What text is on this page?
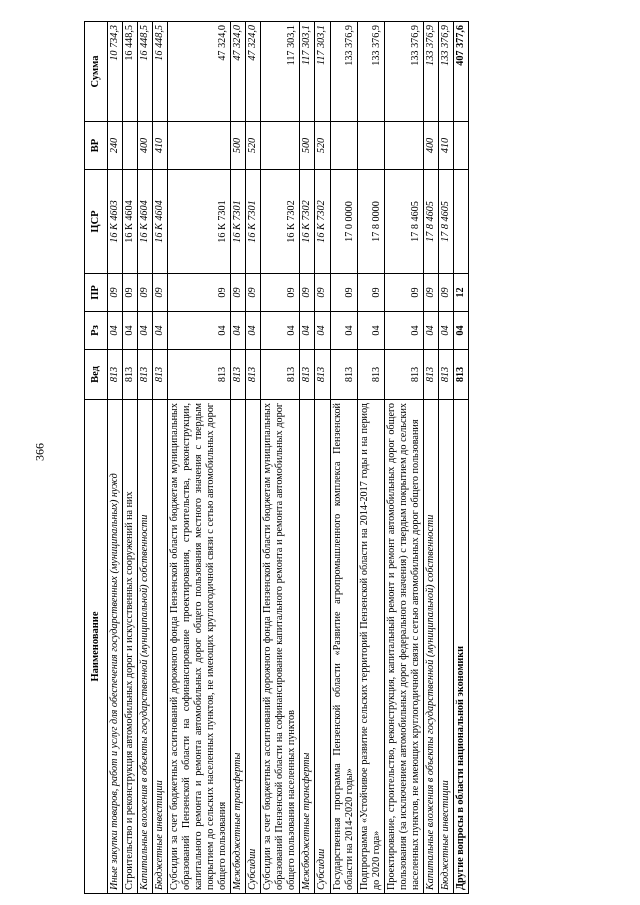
366
Наименование	Вед	Рз	ПР	ЦСР	ВР	Сумма
Иные закупки товаров, работ и услуг для обеспечения государственных (муниципальных) нужд	813	04	09	16 К 4603	240	10 734,3
Строительство и реконструкция автомобильных дорог и искусственных сооружений на них	813	04	09	16 К 4604		16 448,5
Капитальные вложения в объекты государственной (муниципальной) собственности	813	04	09	16 К 4604	400	16 448,5
Бюджетные инвестиции	813	04	09	16 К 4604	410	16 448,5
Субсидии за счет бюджетных ассигнований дорожного фонда Пензенской области бюджетам муниципальных образований Пензенской области на софинансирование проектирования, строительства, реконструкции, капитального ремонта и ремонта автомобильных дорог общего пользования местного значения с твердым покрытием до сельских населенных пунктов, не имеющих круглогодичной связи с сетью автомобильных дорог общего пользования	813	04	09	16 К 7301		47 324,0
Межбюджетные трансферты	813	04	09	16 К 7301	500	47 324,0
Субсидии	813	04	09	16 К 7301	520	47 324,0
Субсидии за счет бюджетных ассигнований дорожного фонда Пензенской области бюджетам муниципальных образований Пензенской области на софинансирование капитального ремонта и ремонта автомобильных дорог общего пользования населенных пунктов	813	04	09	16 К 7302		117 303,1
Межбюджетные трансферты	813	04	09	16 К 7302	500	117 303,1
Субсидии	813	04	09	16 К 7302	520	117 303,1
Государственная программа Пензенской области «Развитие агропромышленного комплекса Пензенской области на 2014-2020 годы»	813	04	09	17 0 0000		133 376,9
Подпрограмма «Устойчивое развитие сельских территорий Пензенской области на 2014-2017 годы и на период до 2020 года»	813	04	09	17 8 0000		133 376,9
Проектирование, строительство, реконструкция, капитальный ремонт и ремонт автомобильных дорог общего пользования (за исключением автомобильных дорог федерального значения) с твердым покрытием до сельских населенных пунктов, не имеющих круглогодичной связи с сетью автомобильных дорог общего пользования	813	04	09	17 8 4605		133 376,9
Капитальные вложения в объекты государственной (муниципальной) собственности	813	04	09	17 8 4605	400	133 376,9
Бюджетные инвестиции	813	04	09	17 8 4605	410	133 376,9
Другие вопросы в области национальной экономики	813	04	12			407 377,6
